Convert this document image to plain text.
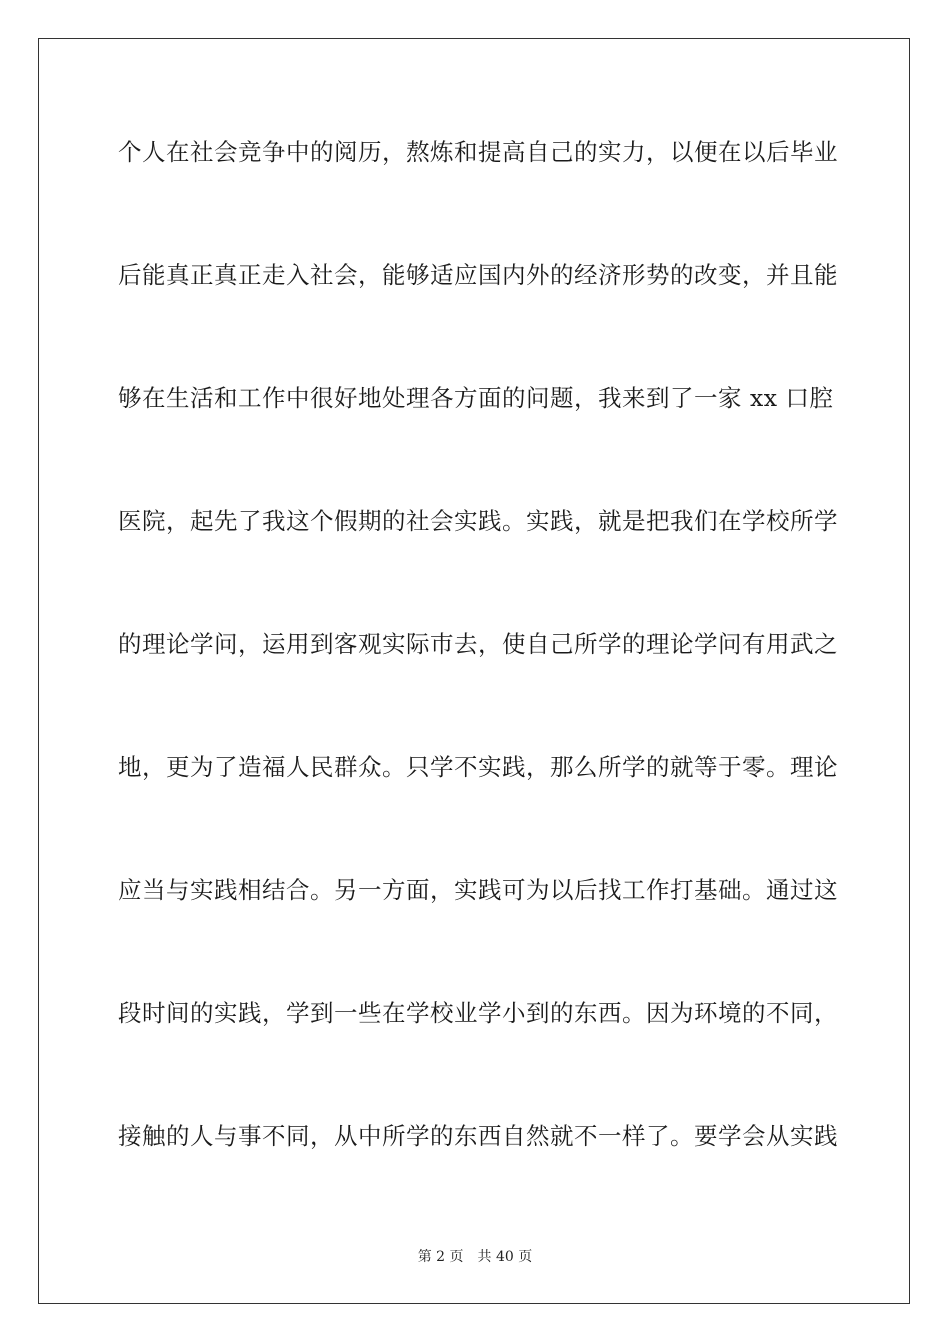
个人在社会竞争中的阅历，熬炼和提高自己的实力，以便在以后毕业
后能真正真正走入社会，能够适应国内外的经济形势的改变，并且能
够在生活和工作中很好地处理各方面的问题，我来到了一家 xx 口腔
医院，起先了我这个假期的社会实践。实践，就是把我们在学校所学
的理论学问，运用到客观实际巿去，使自己所学的理论学问有用武之
地，更为了造福人民群众。只学不实践，那么所学的就等于零。理论
应当与实践相结合。另一方面，实践可为以后找工作打基础。通过这
段时间的实践，学到一些在学校业学小到的东西。因为环境的不同，
接触的人与事不同，从中所学的东西自然就不一样了。要学会从实践
第 2 页 共 40 页
